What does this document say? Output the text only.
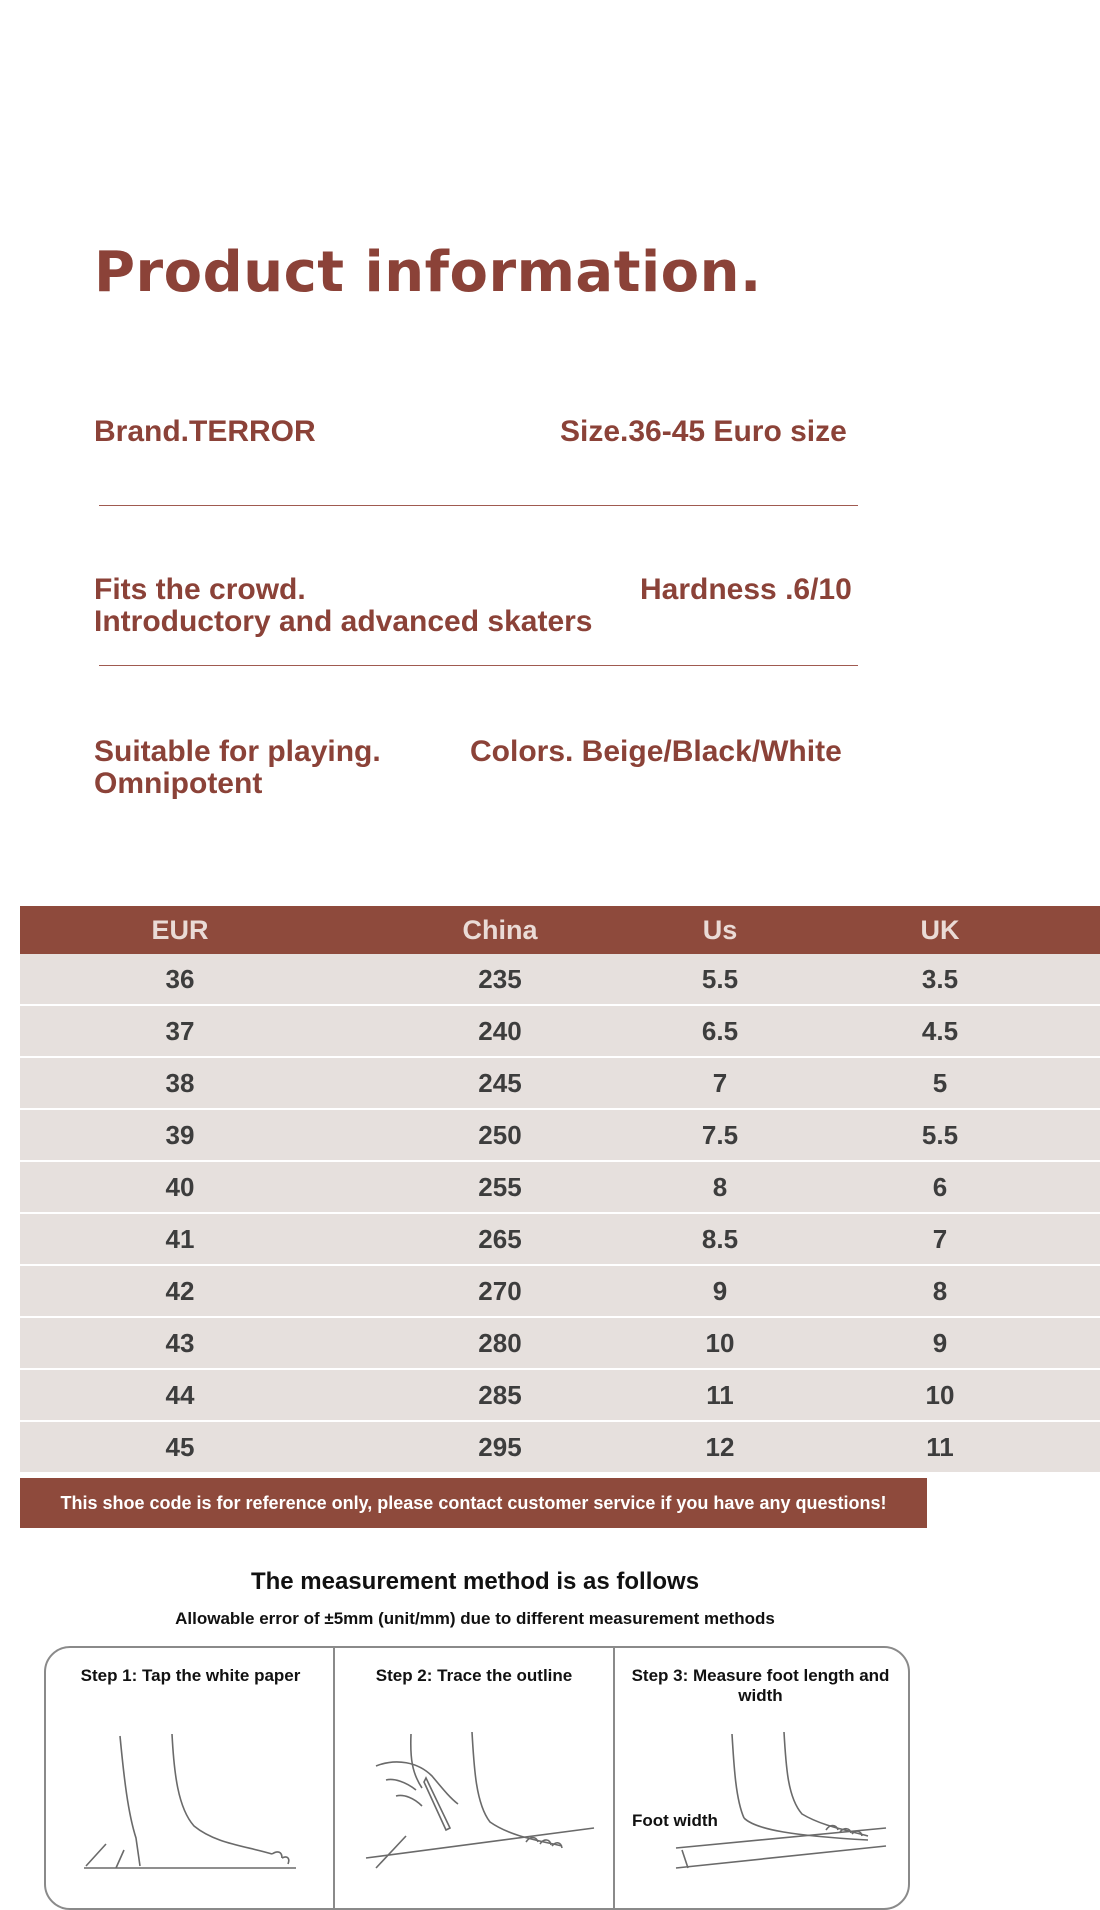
Product information.
Brand.TERROR	Size.36-45 Euro size
Fits the crowd.
Introductory and advanced skaters
Hardness .6/10
Suitable for playing.
Omnipotent
Colors. Beige/Black/White
EUR	China	Us	UK
36	235	5.5	3.5
37	240	6.5	4.5
38	245	7	5
39	250	7.5	5.5
40	255	8	6
41	265	8.5	7
42	270	9	8
43	280	10	9
44	285	11	10
45	295	12	11
This shoe code is for reference only, please contact customer service if you have any questions!
The measurement method is as follows
Allowable error of ±5mm (unit/mm) due to different measurement methods
Step 1: Tap the white paper	Step 2: Trace the outline	Step 3: Measure foot length and width
Foot width
